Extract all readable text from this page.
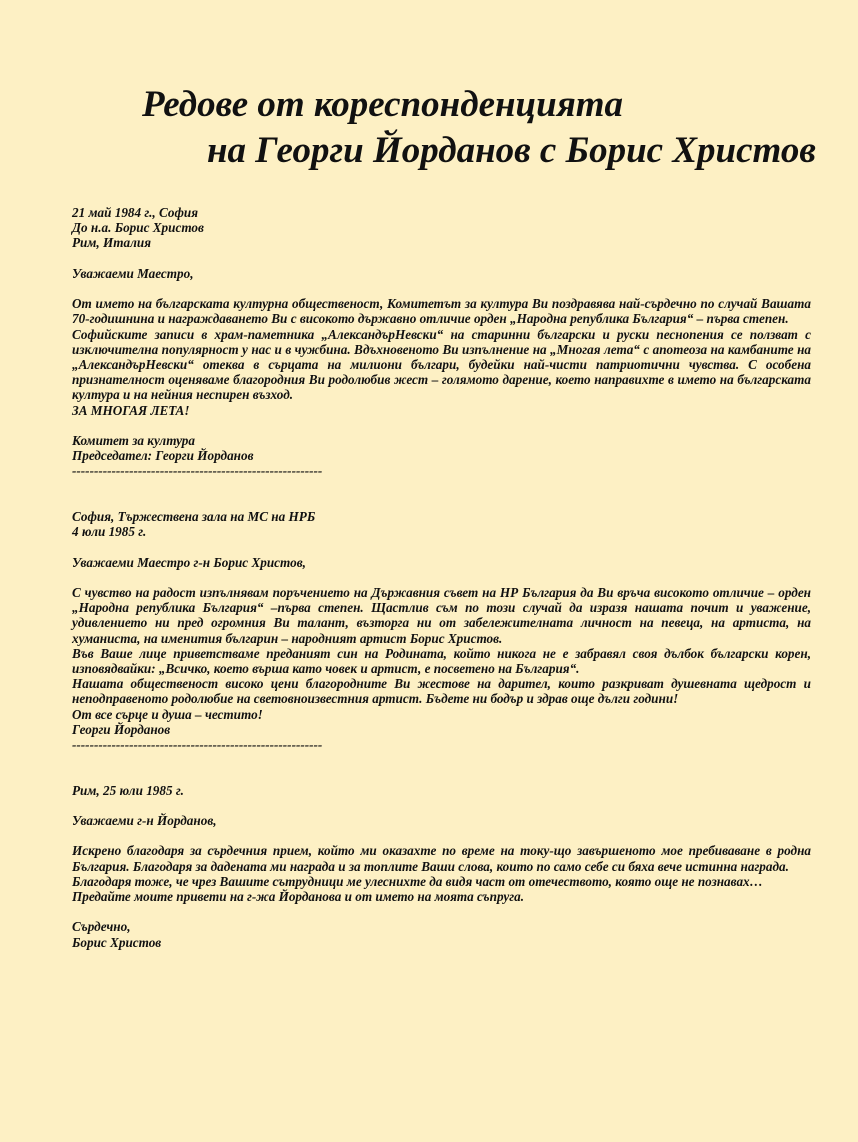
Редове от кореспонденцията
на Георги Йорданов с Борис Христов

21 май 1984 г., София

До н.а. Борис Христов

Рим, Италия

Уважаеми Маестро,

От името на българската културна общественост, Комитетът за култура Ви поздравява най-сърдечно по случай Вашата 70-годишнина и награждаването Ви с високото държавно отличие орден „Народна република България“ – първа степен.

Софийските записи в храм-паметника „АлександърНевски“ на старинни български и руски песнопения се ползват с изключителна популярност у нас и в чужбина. Вдъхновеното Ви изпълнение на „Многая лета“ с апотеоза на камбаните на „АлександърНевски“ отеква в сърцата на милиони българи, будейки най-чисти патриотични чувства. С особена признателност оценяваме благородния Ви родолюбив жест – голямото дарение, което направихте в името на българската култура и на нейния неспирен възход.

ЗА МНОГАЯ ЛЕТА!

Комитет за култура

Председател: Георги Йорданов

---------------------------------------------------------

София, Тържествена зала на МС на НРБ

4 юли 1985 г.

Уважаеми Маестро г-н Борис Христов,

С чувство на радост изпълнявам поръчението на Държавния съвет на НР България да Ви връча високото отличие – орден „Народна република България“ –първа степен. Щастлив съм по този случай да изразя нашата почит и уважение, удивлението ни пред огромния Ви талант, възторга ни от забележителната личност на певеца, на артиста, на хуманиста, на именития българин – народният артист Борис Христов.

Във Ваше лице приветстваме преданият син на Родината, който никога не е забравял своя дълбок български корен, изповядвайки: „Всичко, което върша като човек и артист, е посветено на България“.

Нашата общественост високо цени благородните Ви жестове на дарител, които разкриват душевната щедрост и неподправеното родолюбие на световноизвестния артист. Бъдете ни бодър и здрав още дълги години!

От все сърце и душа – честито!

Георги Йорданов

---------------------------------------------------------

Рим, 25 юли 1985 г.

Уважаеми г-н Йорданов,

Искрено благодаря за сърдечния прием, който ми оказахте по време на току-що завършеното мое пребиваване в родна България. Благодаря за дадената ми награда и за топлите Ваши слова, които по само себе си бяха вече истинна награда.

Благодаря тоже, че чрез Вашите сътрудници ме улеснихте да видя част от отечеството, която още не познавах…

Предайте моите привети на г-жа Йорданова и от името на моята съпруга.

Сърдечно,

Борис Христов
